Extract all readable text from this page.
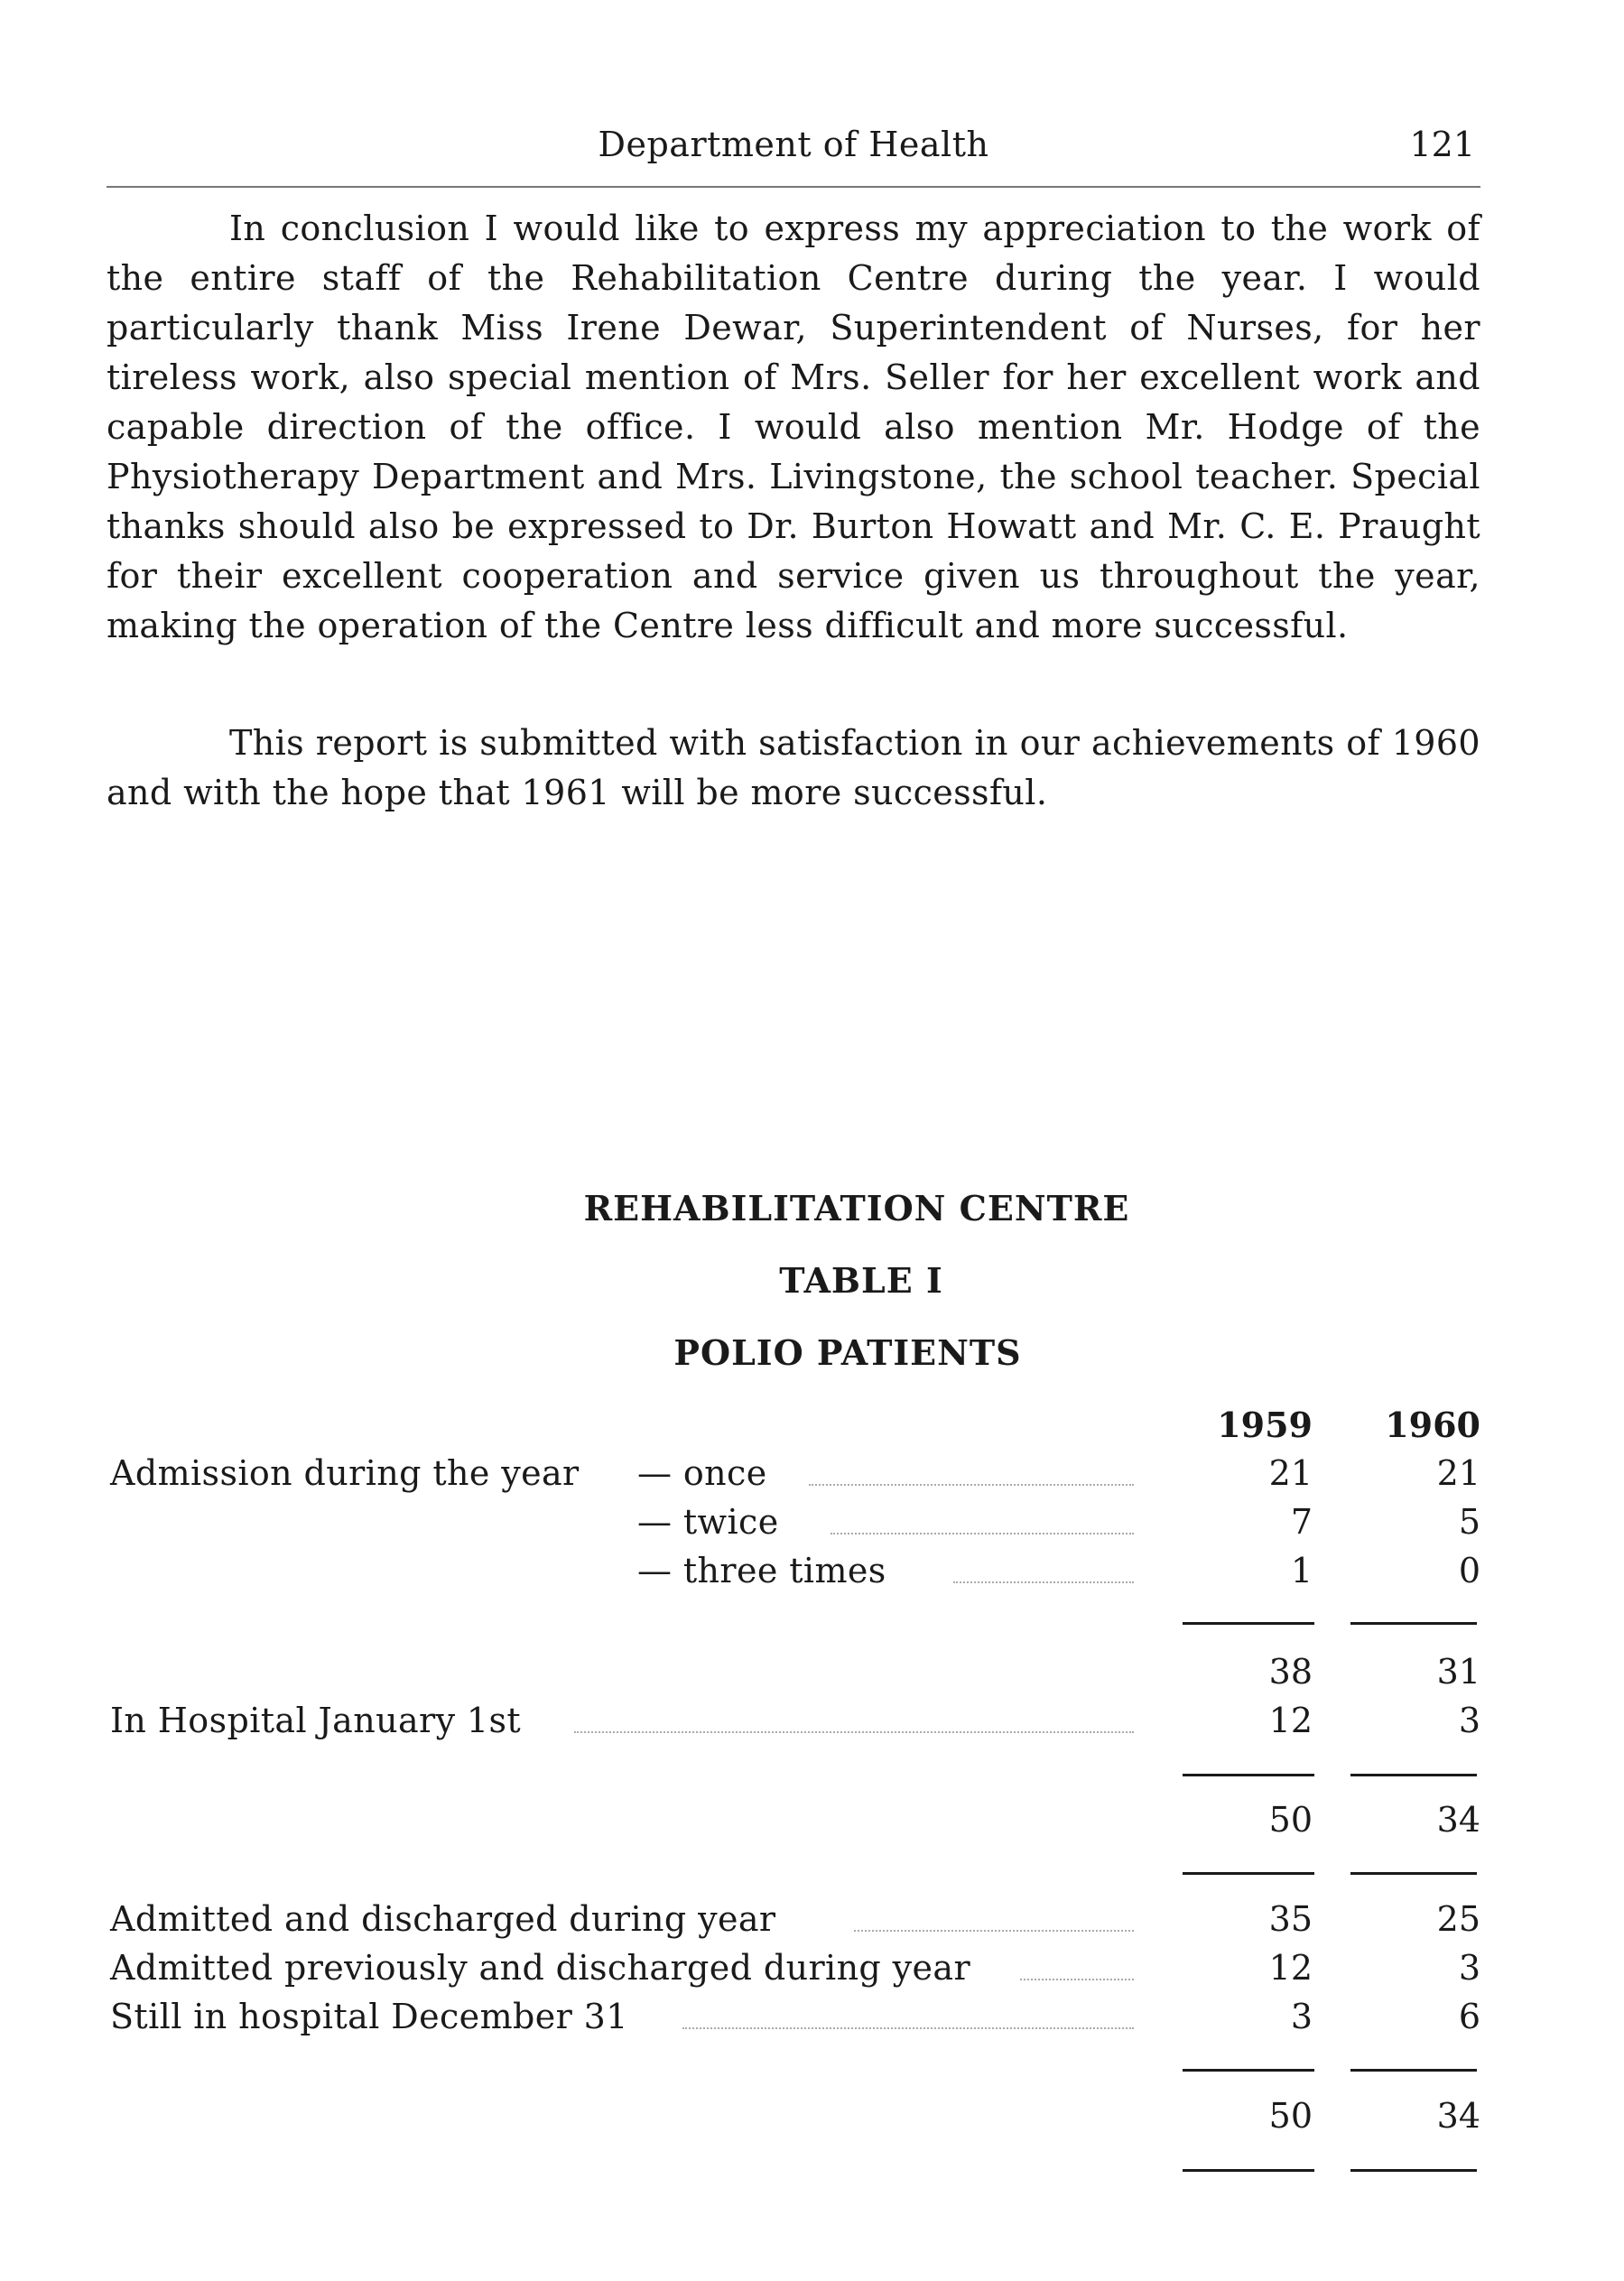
Department of Health	121

In conclusion I would like to express my appreciation to the work of the entire staff of the Rehabilitation Centre during the year. I would particularly thank Miss Irene Dewar, Superintendent of Nurses, for her tireless work, also special mention of Mrs. Seller for her excellent work and capable direction of the office. I would also mention Mr. Hodge of the Physiotherapy Department and Mrs. Livingstone, the school teacher. Special thanks should also be expressed to Dr. Burton Howatt and Mr. C. E. Praught for their excellent cooperation and service given us throughout the year, making the operation of the Centre less difficult and more successful.

This report is submitted with satisfaction in our achievements of 1960 and with the hope that 1961 will be more successful.

REHABILITATION CENTRE
TABLE I
POLIO PATIENTS
1959	1960
Admission during the year — once	21	21
— twice	7	5
— three times	1	0
38	31
In Hospital January 1st	12	3
50	34
Admitted and discharged during year	35	25
Admitted previously and discharged during year	12	3
Still in hospital December 31	3	6
50	34
